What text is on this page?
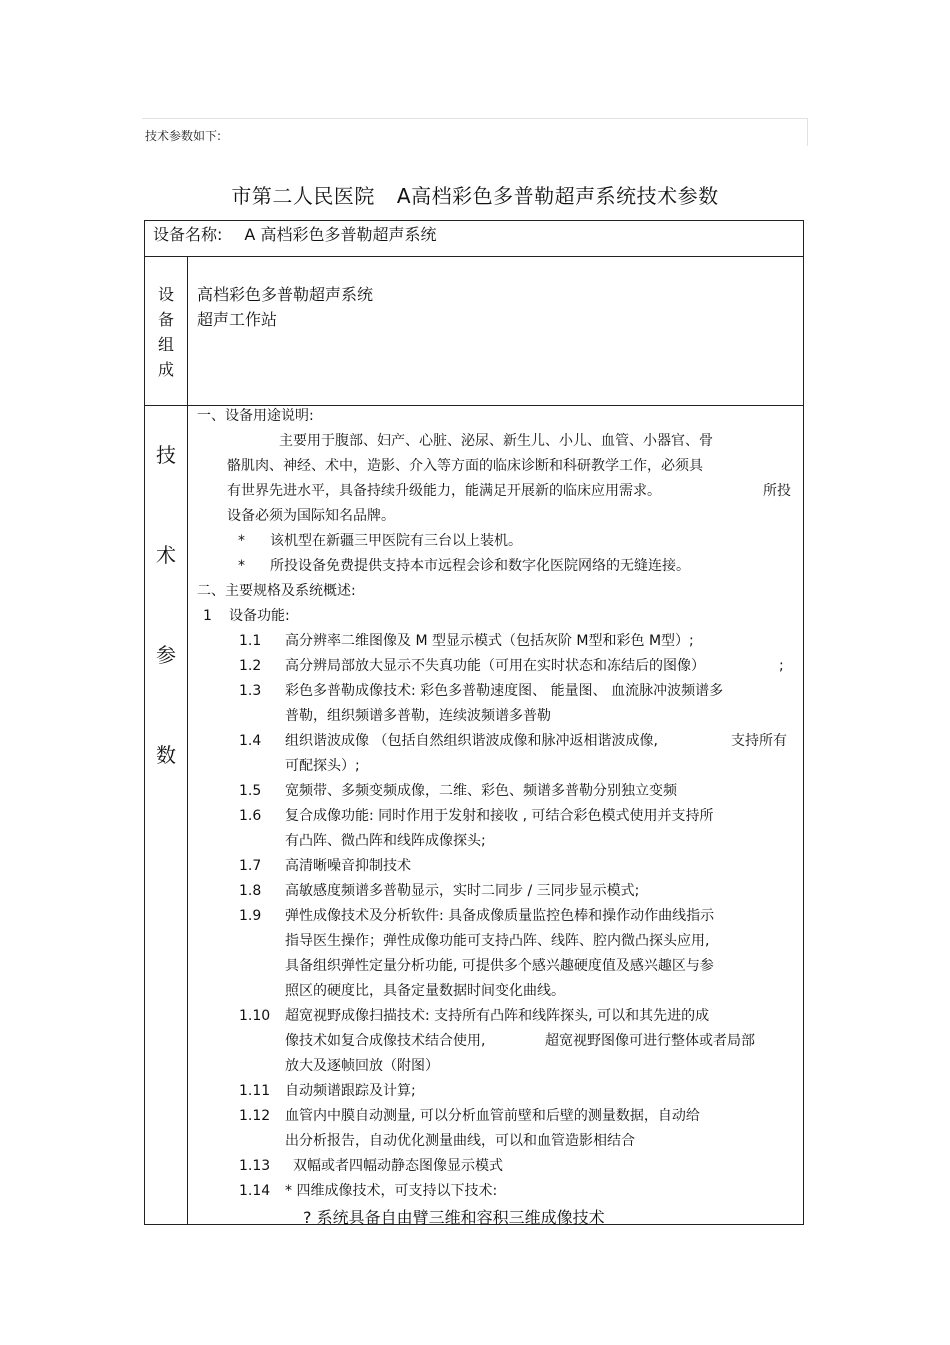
技术参数如下:
市第二人民医院 A高档彩色多普勒超声系统技术参数
设备名称: A 高档彩色多普勒超声系统
设
备
组
成
高档彩色多普勒超声系统
超声工作站
技
术
参
数
一、设备用途说明:
主要用于腹部、妇产、心脏、泌尿、新生儿、小儿、血管、小器官、骨
骼肌肉、神经、术中，造影、介入等方面的临床诊断和科研教学工作，必须具
有世界先进水平，具备持续升级能力，能满足开展新的临床应用需求。	所投
设备必须为国际知名品牌。
* 该机型在新疆三甲医院有三台以上装机。
* 所投设备免费提供支持本市远程会诊和数字化医院网络的无缝连接。
二、主要规格及系统概述:
1 设备功能:
1.1 高分辨率二维图像及 M 型显示模式（包括灰阶 M型和彩色 M型）;
1.2 高分辨局部放大显示不失真功能（可用在实时状态和冻结后的图像）	;
1.3 彩色多普勒成像技术: 彩色多普勒速度图、 能量图、 血流脉冲波频谱多
普勒，组织频谱多普勒，连续波频谱多普勒
1.4 组织谐波成像 （包括自然组织谐波成像和脉冲返相谐波成像,	支持所有
可配探头）;
1.5 宽频带、多频变频成像，二维、彩色、频谱多普勒分别独立变频
1.6 复合成像功能: 同时作用于发射和接收 , 可结合彩色模式使用并支持所
有凸阵、微凸阵和线阵成像探头;
1.7 高清晰噪音抑制技术
1.8 高敏感度频谱多普勒显示，实时二同步 / 三同步显示模式;
1.9 弹性成像技术及分析软件: 具备成像质量监控色棒和操作动作曲线指示
指导医生操作；弹性成像功能可支持凸阵、线阵、腔内微凸探头应用,
具备组织弹性定量分析功能, 可提供多个感兴趣硬度值及感兴趣区与参
照区的硬度比，具备定量数据时间变化曲线。
1.10 超宽视野成像扫描技术: 支持所有凸阵和线阵探头, 可以和其先进的成
像技术如复合成像技术结合使用,	超宽视野图像可进行整体或者局部
放大及逐帧回放（附图）
1.11 自动频谱跟踪及计算;
1.12 血管内中膜自动测量, 可以分析血管前壁和后壁的测量数据，自动给
出分析报告，自动优化测量曲线，可以和血管造影相结合
1.13 双幅或者四幅动静态图像显示模式
1.14 * 四维成像技术，可支持以下技术:
? 系统具备自由臂三维和容积三维成像技术
